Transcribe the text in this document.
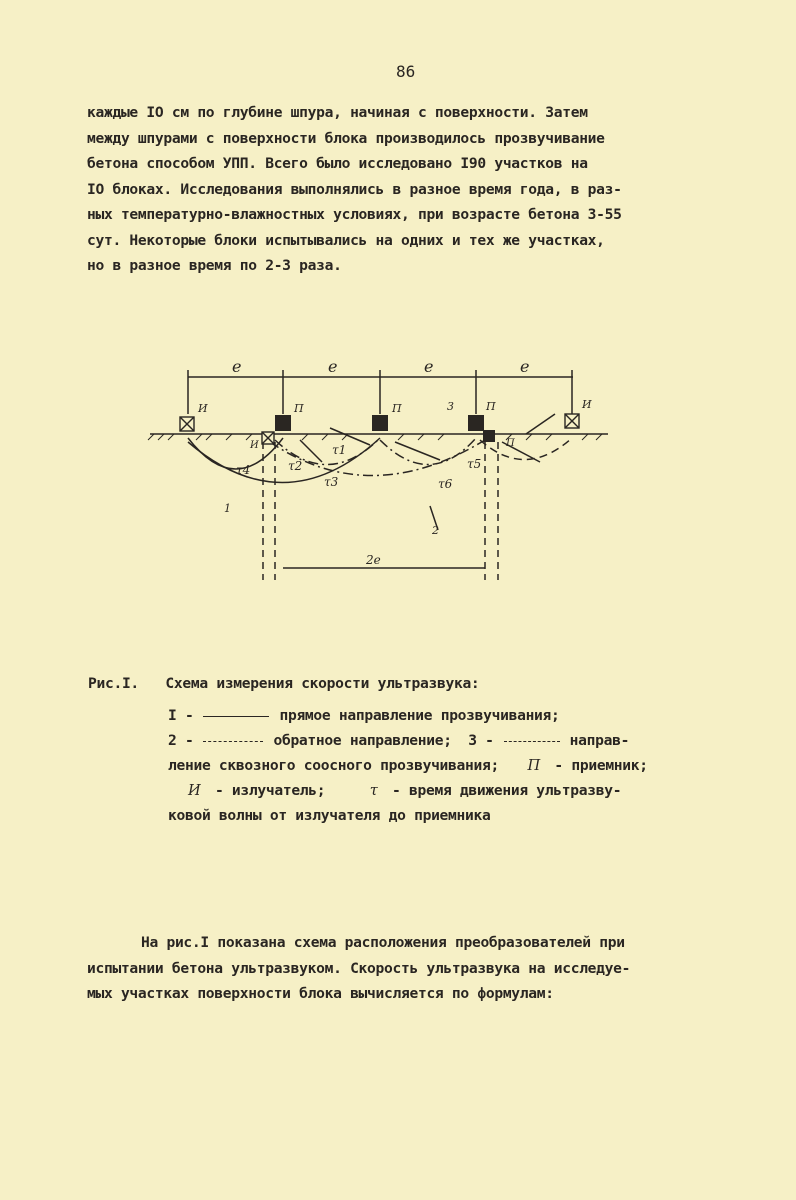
86
каждые IO см по глубине шпура, начиная с поверхности. Затем
между шпурами с поверхности блока производилось прозвучивание
бетона способом УПП. Всего было исследовано I90 участков на
IO блоках. Исследования выполнялись в разное время года, в раз-
ных температурно-влажностных условиях, при возрасте бетона 3-55
сут. Некоторые блоки испытывались на одних и тех же участках,
но в разное время по 2-3 раза.
e	e	e	e
И	П	П	П	И
И	П
τ1
τ2
τ3
τ4	τ5
τ6
1
2
3
2e
Рис.I. Схема измерения скорости ультразвука:
I -	прямое направление прозвучивания;
2 -	обратное направление; 3 -	направ-
ление сквозного соосного прозвучивания; П - приемник;
И - излучатель;	τ - время движения ультразву-
ковой волны от излучателя до приемника
На рис.I показана схема расположения преобразователей при
испытании бетона ультразвуком. Скорость ультразвука на исследуе-
мых участках поверхности блока вычисляется по формулам:
